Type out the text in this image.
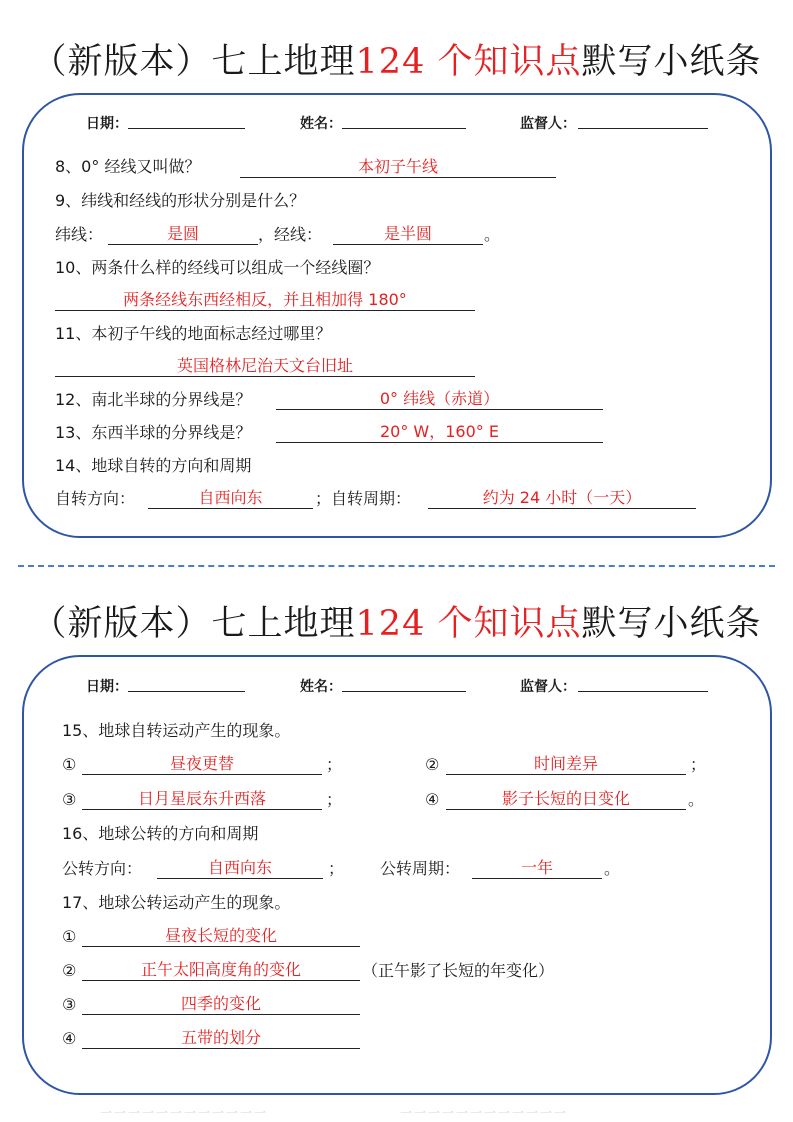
（新版本）七上地理124 个知识点默写小纸条
日期：	姓名：	监督人：
8、0° 经线又叫做？	本初子午线
9、纬线和经线的形状分别是什么？
纬线：	是圆	，经线：	是半圆	。
10、两条什么样的经线可以组成一个经线圈？
两条经线东西经相反，并且相加得 180°
11、本初子午线的地面标志经过哪里？
英国格林尼治天文台旧址
12、南北半球的分界线是？	0° 纬线（赤道）
13、东西半球的分界线是？	20° W，160° E
14、地球自转的方向和周期
自转方向：	自西向东	；自转周期：	约为 24 小时（一天）
（新版本）七上地理124 个知识点默写小纸条
日期：	姓名：	监督人：
15、地球自转运动产生的现象。
①	昼夜更替	；	②	时间差异	；
③	日月星辰东升西落	；	④	影子长短的日变化	。
16、地球公转的方向和周期
公转方向：	自西向东	； 公转周期：	一年	。
17、地球公转运动产生的现象。
①	昼夜长短的变化
②	正午太阳高度角的变化	（正午影了长短的年变化）
③	四季的变化
④	五带的划分
一一一一一一一一一一一一	一一一一一一一一一一一一
